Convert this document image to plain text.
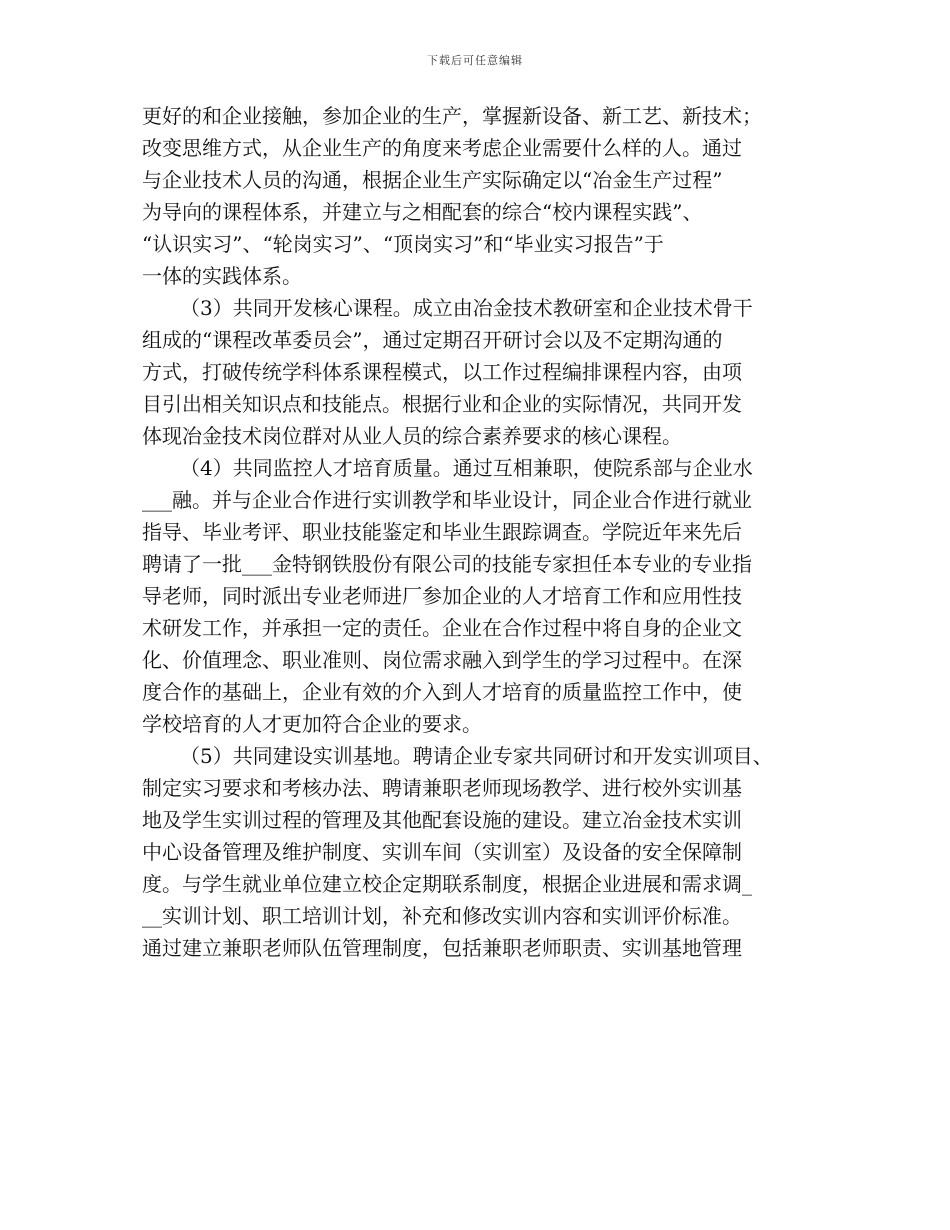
下载后可任意编辑
更好的和企业接触，参加企业的生产，掌握新设备、新工艺、新技术；
改变思维方式，从企业生产的角度来考虑企业需要什么样的人。通过
与企业技术人员的沟通，根据企业生产实际确定以“冶金生产过程”
为导向的课程体系，并建立与之相配套的综合“校内课程实践”、
“认识实习”、“轮岗实习”、“顶岗实习”和“毕业实习报告”于
一体的实践体系。
（3）共同开发核心课程。成立由冶金技术教研室和企业技术骨干
组成的“课程改革委员会”，通过定期召开研讨会以及不定期沟通的
方式，打破传统学科体系课程模式，以工作过程编排课程内容，由项
目引出相关知识点和技能点。根据行业和企业的实际情况，共同开发
体现冶金技术岗位群对从业人员的综合素养要求的核心课程。
（4）共同监控人才培育质量。通过互相兼职，使院系部与企业水
___融。并与企业合作进行实训教学和毕业设计，同企业合作进行就业
指导、毕业考评、职业技能鉴定和毕业生跟踪调查。学院近年来先后
聘请了一批___金特钢铁股份有限公司的技能专家担任本专业的专业指
导老师，同时派出专业老师进厂参加企业的人才培育工作和应用性技
术研发工作，并承担一定的责任。企业在合作过程中将自身的企业文
化、价值理念、职业准则、岗位需求融入到学生的学习过程中。在深
度合作的基础上，企业有效的介入到人才培育的质量监控工作中，使
学校培育的人才更加符合企业的要求。
（5）共同建设实训基地。聘请企业专家共同研讨和开发实训项目、
制定实习要求和考核办法、聘请兼职老师现场教学、进行校外实训基
地及学生实训过程的管理及其他配套设施的建设。建立冶金技术实训
中心设备管理及维护制度、实训车间（实训室）及设备的安全保障制
度。与学生就业单位建立校企定期联系制度，根据企业进展和需求调_
__实训计划、职工培训计划，补充和修改实训内容和实训评价标准。
通过建立兼职老师队伍管理制度，包括兼职老师职责、实训基地管理
